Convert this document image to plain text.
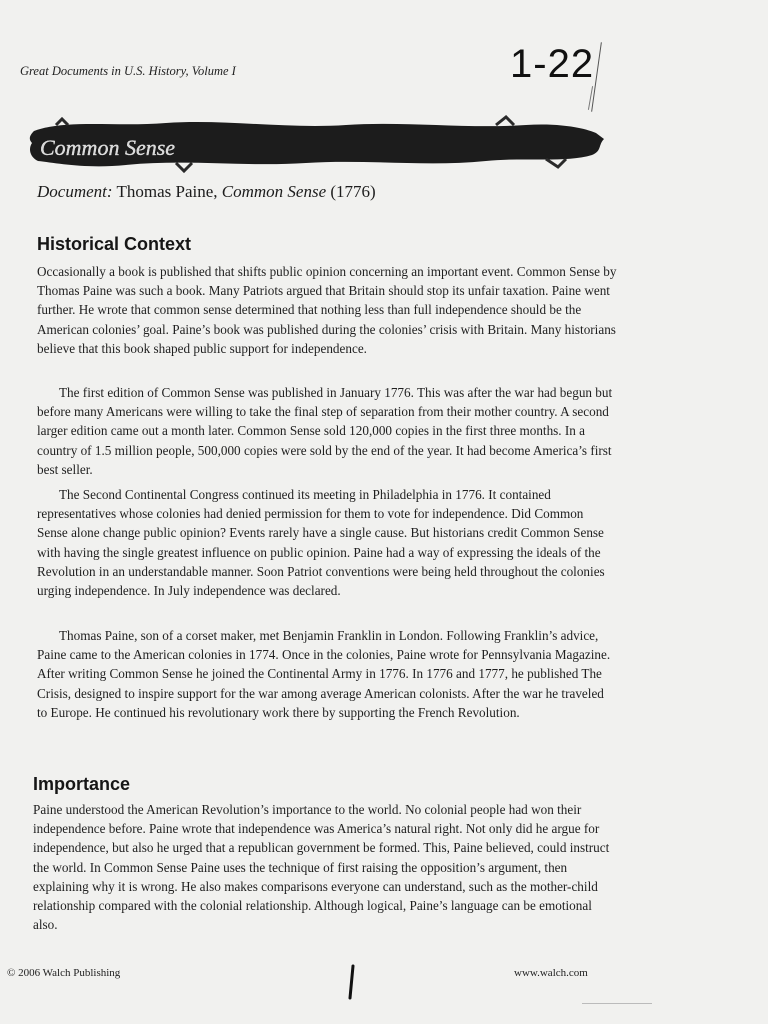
Great Documents in U.S. History, Volume I	1-22
Common Sense
Document: Thomas Paine, Common Sense (1776)
Historical Context

Occasionally a book is published that shifts public opinion concerning an important event. Common Sense by Thomas Paine was such a book. Many Patriots argued that Britain should stop its unfair taxation. Paine went further. He wrote that common sense determined that nothing less than full independence should be the American colonies’ goal. Paine’s book was published during the colonies’ crisis with Britain. Many historians believe that this book shaped public support for independence.

The first edition of Common Sense was published in January 1776. This was after the war had begun but before many Americans were willing to take the final step of separation from their mother country. A second larger edition came out a month later. Common Sense sold 120,000 copies in the first three months. In a country of 1.5 million people, 500,000 copies were sold by the end of the year. It had become America’s first best seller.

The Second Continental Congress continued its meeting in Philadelphia in 1776. It contained representatives whose colonies had denied permission for them to vote for independence. Did Common Sense alone change public opinion? Events rarely have a single cause. But historians credit Common Sense with having the single greatest influence on public opinion. Paine had a way of expressing the ideals of the Revolution in an understandable manner. Soon Patriot conventions were being held throughout the colonies urging independence. In July independence was declared.

Thomas Paine, son of a corset maker, met Benjamin Franklin in London. Following Franklin’s advice, Paine came to the American colonies in 1774. Once in the colonies, Paine wrote for Pennsylvania Magazine. After writing Common Sense he joined the Continental Army in 1776. In 1776 and 1777, he published The Crisis, designed to inspire support for the war among average American colonists. After the war he traveled to Europe. He continued his revolutionary work there by supporting the French Revolution.

Importance

Paine understood the American Revolution’s importance to the world. No colonial people had won their independence before. Paine wrote that independence was America’s natural right. Not only did he argue for independence, but also he urged that a republican government be formed. This, Paine believed, could instruct the world. In Common Sense Paine uses the technique of first raising the opposition’s argument, then explaining why it is wrong. He also makes comparisons everyone can understand, such as the mother-child relationship compared with the colonial relationship. Although logical, Paine’s language can be emotional also.

© 2006 Walch Publishing	www.walch.com
